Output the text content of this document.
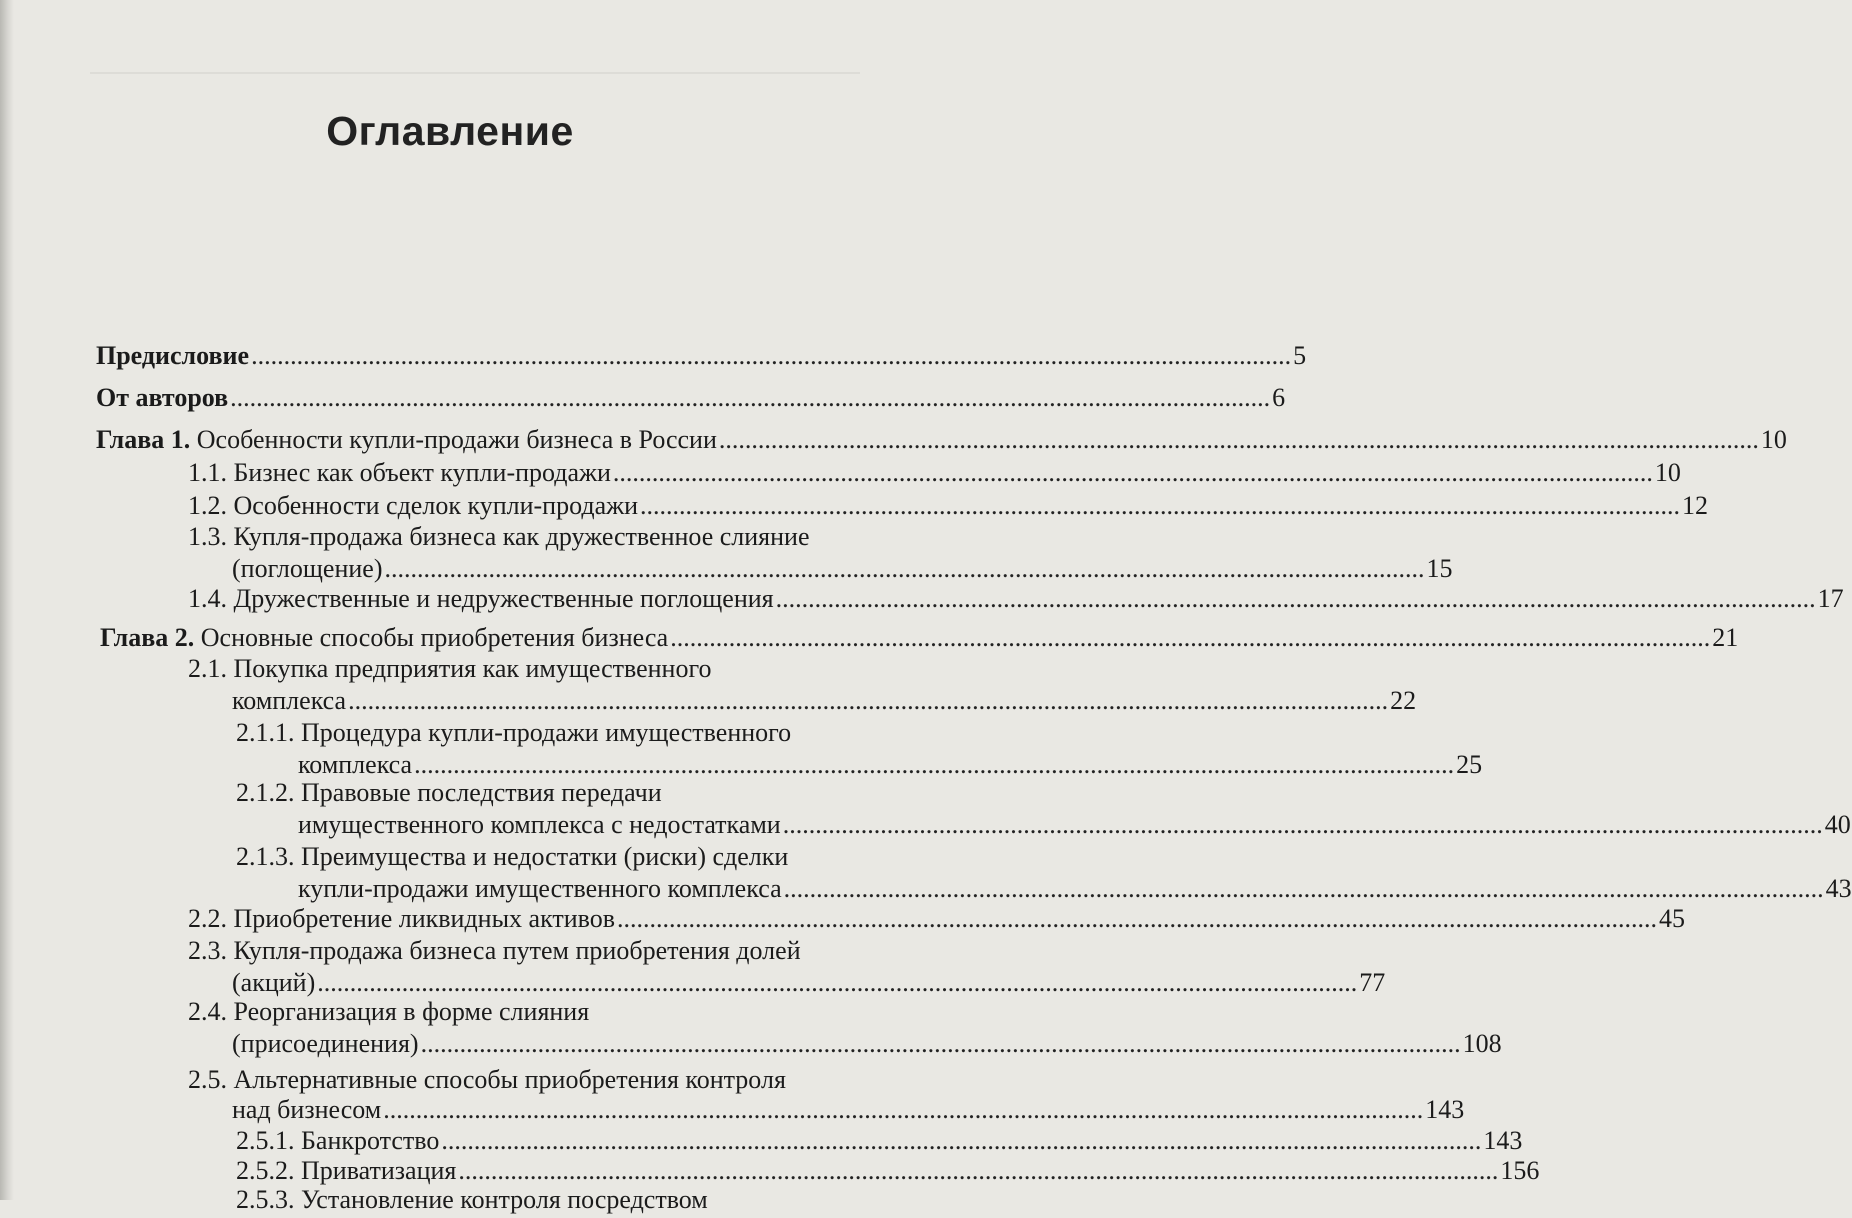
Оглавление
Предисловие ................................................................................................................................................................ 5
От авторов ................................................................................................................................................................ 6
Глава 1. Особенности купли-продажи бизнеса в России ................................................................................................................................................................ 10
1.1. Бизнес как объект купли-продажи ................................................................................................................................................................ 10
1.2. Особенности сделок купли-продажи ................................................................................................................................................................ 12
1.3. Купля-продажа бизнеса как дружественное слияние
(поглощение) ................................................................................................................................................................ 15
1.4. Дружественные и недружественные поглощения ................................................................................................................................................................ 17
Глава 2. Основные способы приобретения бизнеса ................................................................................................................................................................ 21
2.1. Покупка предприятия как имущественного
комплекса ................................................................................................................................................................ 22
2.1.1. Процедура купли-продажи имущественного
комплекса ................................................................................................................................................................ 25
2.1.2. Правовые последствия передачи
имущественного комплекса с недостатками ................................................................................................................................................................ 40
2.1.3. Преимущества и недостатки (риски) сделки
купли-продажи имущественного комплекса ................................................................................................................................................................ 43
2.2. Приобретение ликвидных активов ................................................................................................................................................................ 45
2.3. Купля-продажа бизнеса путем приобретения долей
(акций) ................................................................................................................................................................ 77
2.4. Реорганизация в форме слияния
(присоединения) ................................................................................................................................................................ 108
2.5. Альтернативные способы приобретения контроля
над бизнесом ................................................................................................................................................................ 143
2.5.1. Банкротство ................................................................................................................................................................ 143
2.5.2. Приватизация ................................................................................................................................................................ 156
2.5.3. Установление контроля посредством
